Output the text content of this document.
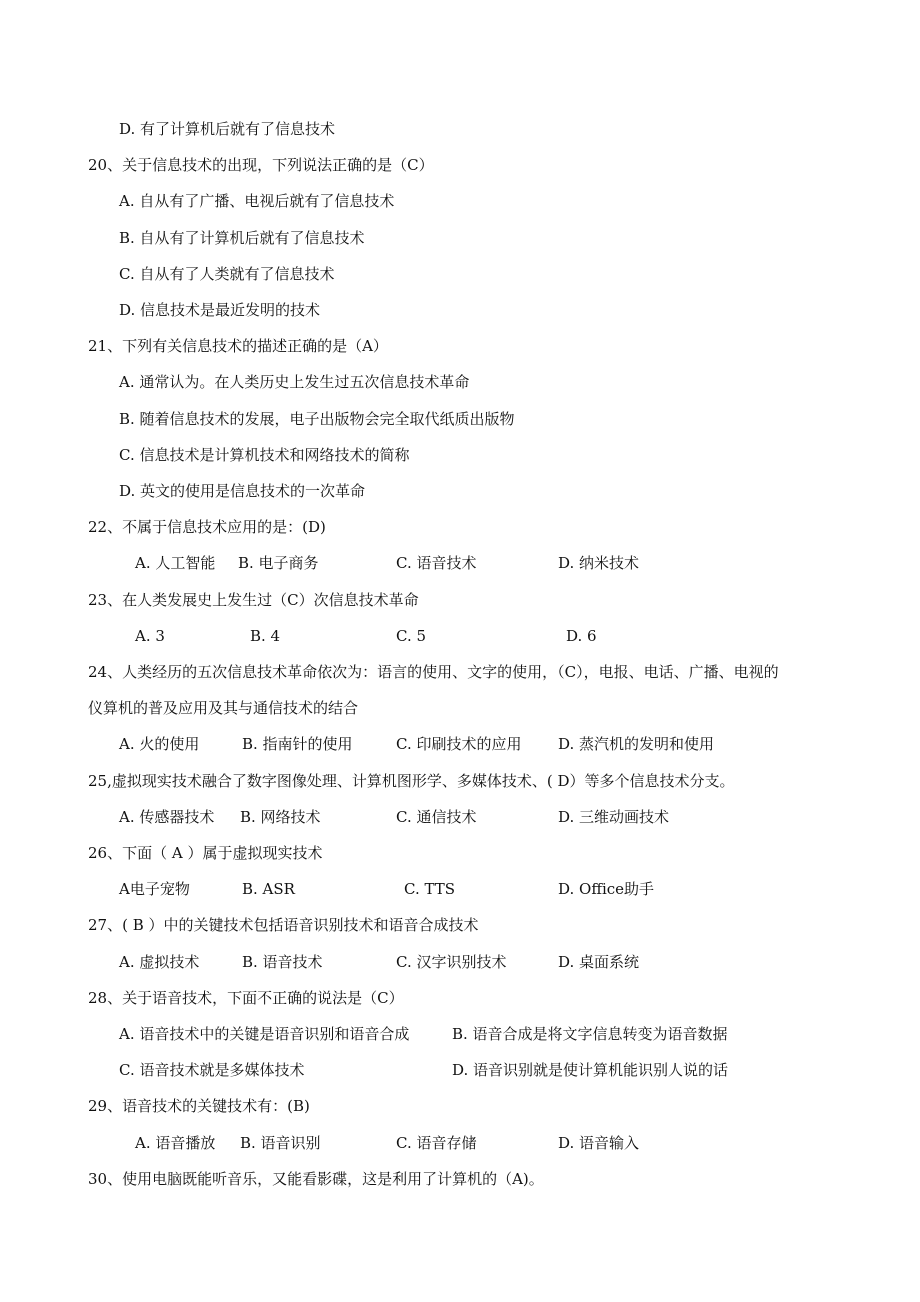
D. 有了计算机后就有了信息技术
20、关于信息技术的出现，下列说法正确的是（C）
A. 自从有了广播、电视后就有了信息技术
B. 自从有了计算机后就有了信息技术
C. 自从有了人类就有了信息技术
D. 信息技术是最近发明的技术
21、下列有关信息技术的描述正确的是（A）
A. 通常认为。在人类历史上发生过五次信息技术革命
B. 随着信息技术的发展，电子出版物会完全取代纸质出版物
C. 信息技术是计算机技术和网络技术的简称
D. 英文的使用是信息技术的一次革命
22、不属于信息技术应用的是：(D)
A. 人工智能 B. 电子商务	C. 语音技术	D. 纳米技术
23、在人类发展史上发生过（C）次信息技术革命
A. 3	B. 4	C. 5	D. 6
24、人类经历的五次信息技术革命依次为：语言的使用、文字的使用，（C），电报、电话、广播、电视的
仪算机的普及应用及其与通信技术的结合
A. 火的使用	B. 指南针的使用	C. 印刷技术的应用 D. 蒸汽机的发明和使用
25,虚拟现实技术融合了数字图像处理、计算机图形学、多媒体技术、( D）等多个信息技术分支。
A. 传感器技术 B. 网络技术	C. 通信技术	D. 三维动画技术
26、下面（ A ）属于虚拟现实技术
A电子宠物	B. ASR	C. TTS	D. Office助手
27、( B ）中的关键技术包括语音识别技术和语音合成技术
A. 虚拟技术	B. 语音技术	C. 汉字识别技术	D. 桌面系统
28、关于语音技术，下面不正确的说法是（C）
A. 语音技术中的关键是语音识别和语音合成	B. 语音合成是将文字信息转变为语音数据
C. 语音技术就是多媒体技术	D. 语音识别就是使计算机能识别人说的话
29、语音技术的关键技术有：(B)
A. 语音播放 B. 语音识别	C. 语音存储	D. 语音输入
30、使用电脑既能听音乐，又能看影碟，这是利用了计算机的（A)。
